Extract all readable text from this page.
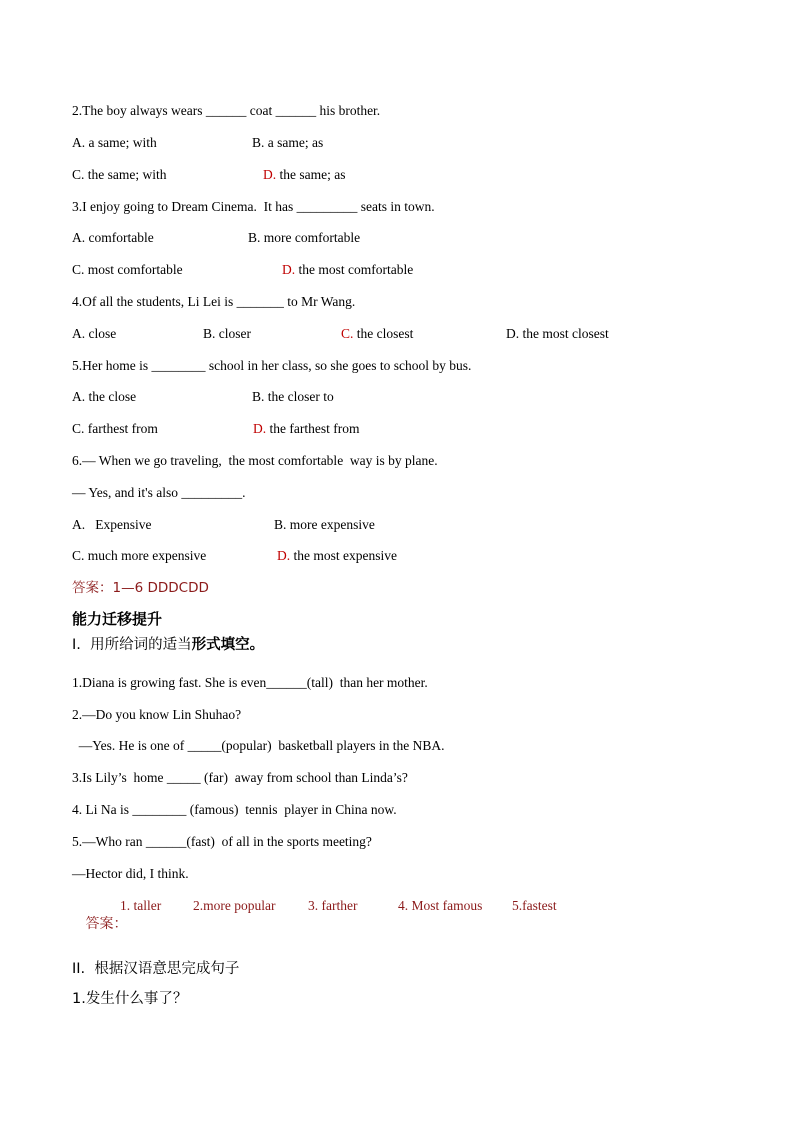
2.The boy always wears ______ coat ______ his brother.
A. a same; with	B. a same; as
C. the same; with	D. the same; as
3.I enjoy going to Dream Cinema.  It has _________ seats in town.
A. comfortable	B. more comfortable
C. most comfortable	D. the most comfortable
4.Of all the students, Li Lei is _______ to Mr Wang.
A. close	B. closer	C. the closest	D. the most closest
5.Her home is ________ school in her class, so she goes to school by bus.
A. the close	B. the closer to
C. farthest from	D. the farthest from
6.— When we go traveling,  the most comfortable  way is by plane.
— Yes, and it's also _________.
A.   Expensive	B. more expensive
C. much more expensive	D. the most expensive
答案：1—6 DDDCDD
能力迁移提升
I.  用所给词的适当形式填空。
1.Diana is growing fast. She is even______(tall)  than her mother.
2.—Do you know Lin Shuhao?
—Yes. He is one of _____(popular)  basketball players in the NBA.
3.Is Lily’s  home _____ (far)  away from school than Linda’s?
4. Li Na is ________ (famous)  tennis  player in China now.
5.—Who ran ______(fast)  of all in the sports meeting?
—Hector did, I think.

答案：

1. taller 2.more popular 3. farther	4. Most famous 5.fastest
II.  根据汉语意思完成句子
1.发生什么事了？
